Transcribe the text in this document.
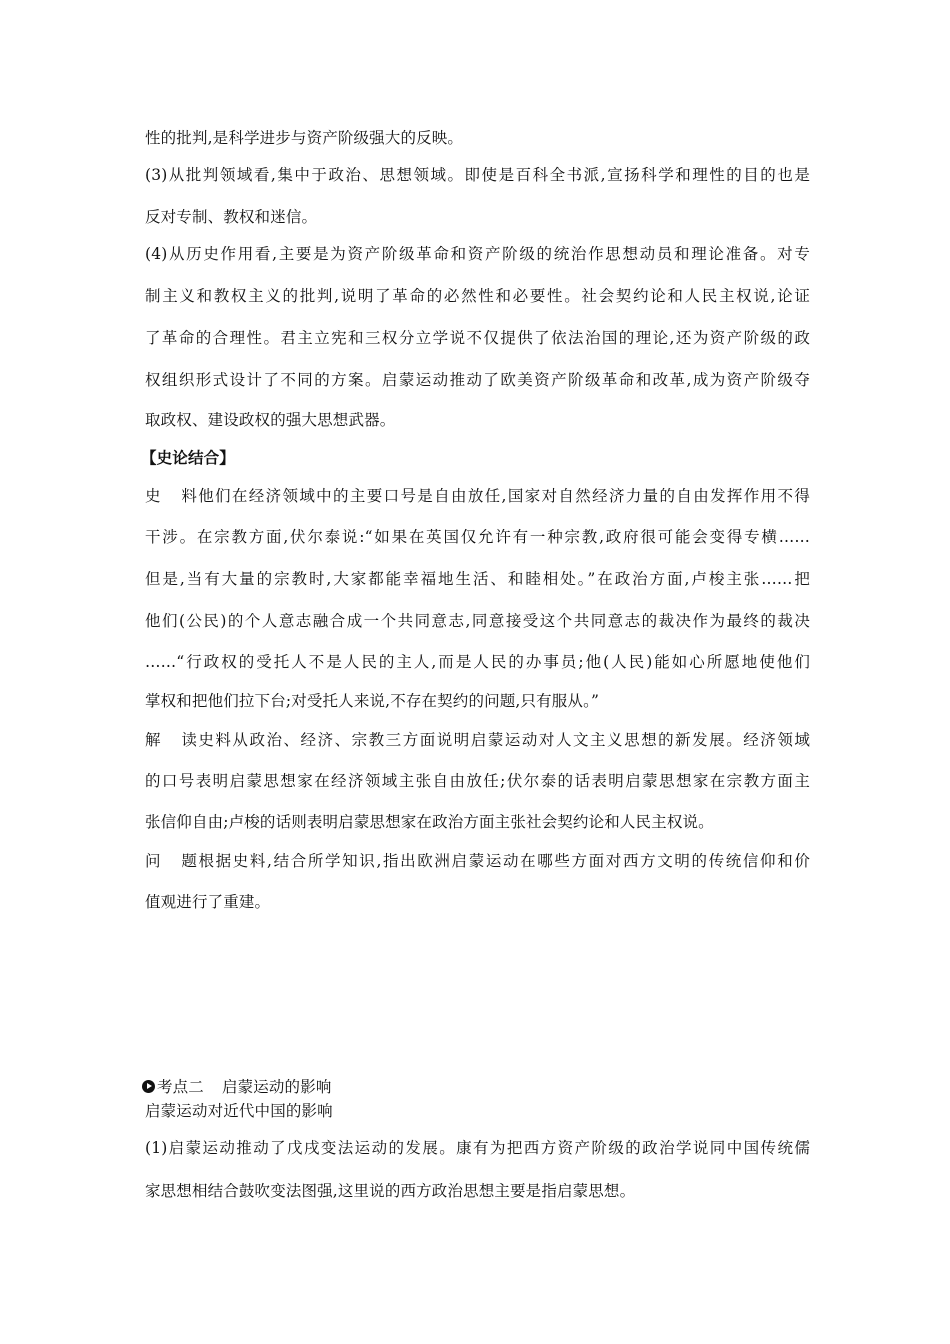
性的批判,是科学进步与资产阶级强大的反映。
(3)从批判领域看,集中于政治、思想领域。即使是百科全书派,宣扬科学和理性的目的也是
反对专制、教权和迷信。
(4)从历史作用看,主要是为资产阶级革命和资产阶级的统治作思想动员和理论准备。对专
制主义和教权主义的批判,说明了革命的必然性和必要性。社会契约论和人民主权说,论证
了革命的合理性。君主立宪和三权分立学说不仅提供了依法治国的理论,还为资产阶级的政
权组织形式设计了不同的方案。启蒙运动推动了欧美资产阶级革命和改革,成为资产阶级夺
取政权、建设政权的强大思想武器。
【史论结合】
史料他们在经济领域中的主要口号是自由放任,国家对自然经济力量的自由发挥作用不得
干涉。在宗教方面,伏尔泰说:“如果在英国仅允许有一种宗教,政府很可能会变得专横……
但是,当有大量的宗教时,大家都能幸福地生活、和睦相处。”在政治方面,卢梭主张……把
他们(公民)的个人意志融合成一个共同意志,同意接受这个共同意志的裁决作为最终的裁决
……“行政权的受托人不是人民的主人,而是人民的办事员;他(人民)能如心所愿地使他们
掌权和把他们拉下台;对受托人来说,不存在契约的问题,只有服从。”
解读史料从政治、经济、宗教三方面说明启蒙运动对人文主义思想的新发展。经济领域
的口号表明启蒙思想家在经济领域主张自由放任;伏尔泰的话表明启蒙思想家在宗教方面主
张信仰自由;卢梭的话则表明启蒙思想家在政治方面主张社会契约论和人民主权说。
问题根据史料,结合所学知识,指出欧洲启蒙运动在哪些方面对西方文明的传统信仰和价
值观进行了重建。
考点二 启蒙运动的影响
启蒙运动对近代中国的影响
(1)启蒙运动推动了戊戌变法运动的发展。康有为把西方资产阶级的政治学说同中国传统儒
家思想相结合鼓吹变法图强,这里说的西方政治思想主要是指启蒙思想。
